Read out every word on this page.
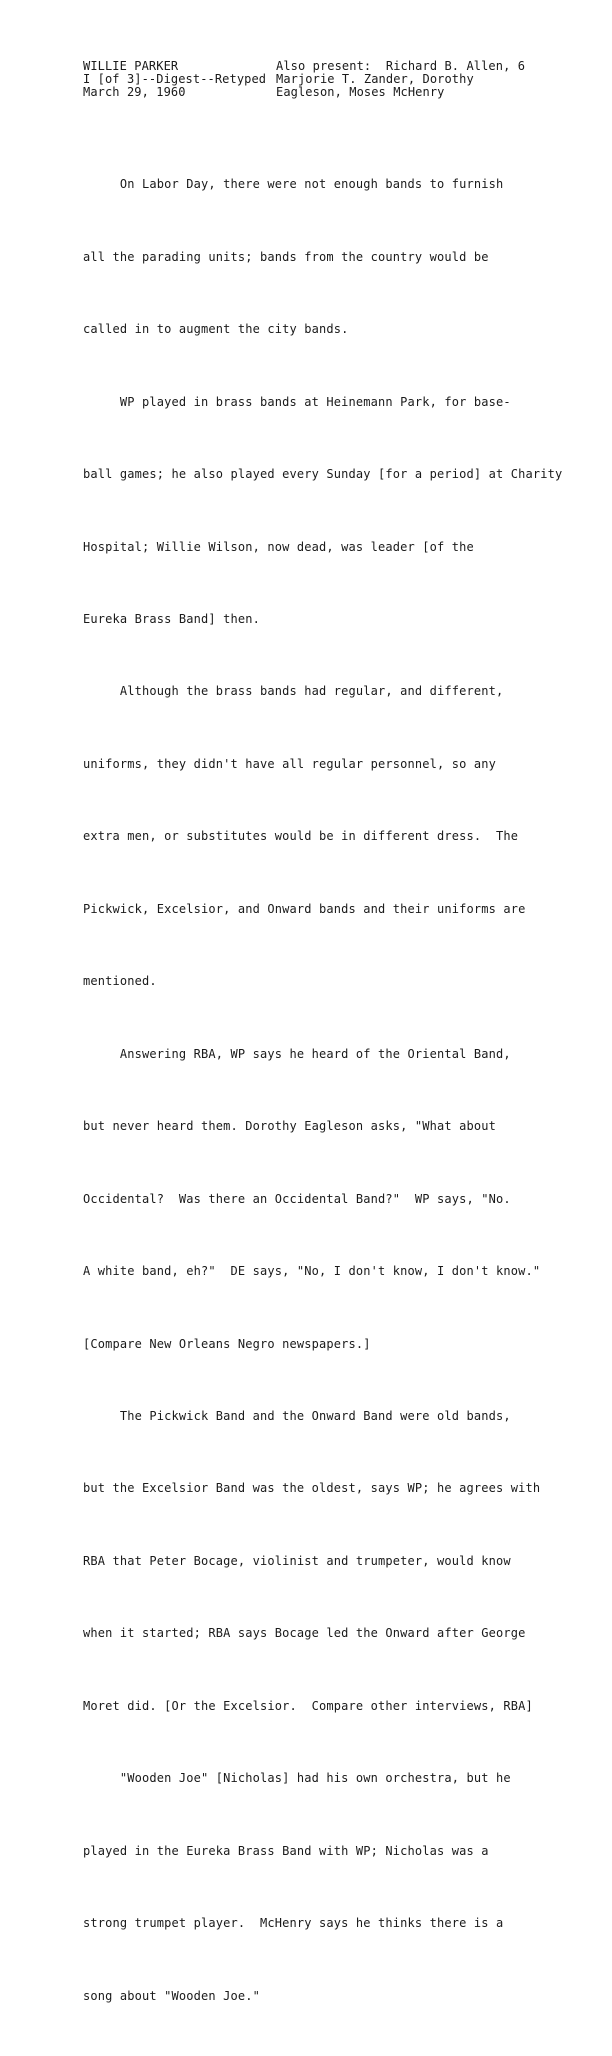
WILLIE PARKER
I [of 3]--Digest--Retyped
March 29, 1960
Also present:  Richard B. Allen, 6
Marjorie T. Zander, Dorothy
Eagleson, Moses McHenry

On Labor Day, there were not enough bands to furnish

all the parading units; bands from the country would be

called in to augment the city bands.

WP played in brass bands at Heinemann Park, for base-

ball games; he also played every Sunday [for a period] at Charity

Hospital; Willie Wilson, now dead, was leader [of the

Eureka Brass Band] then.

Although the brass bands had regular, and different,

uniforms, they didn't have all regular personnel, so any

extra men, or substitutes would be in different dress.  The

Pickwick, Excelsior, and Onward bands and their uniforms are

mentioned.

Answering RBA, WP says he heard of the Oriental Band,

but never heard them. Dorothy Eagleson asks, "What about

Occidental?  Was there an Occidental Band?"  WP says, "No.

A white band, eh?"  DE says, "No, I don't know, I don't know."

[Compare New Orleans Negro newspapers.]

The Pickwick Band and the Onward Band were old bands,

but the Excelsior Band was the oldest, says WP; he agrees with

RBA that Peter Bocage, violinist and trumpeter, would know

when it started; RBA says Bocage led the Onward after George

Moret did. [Or the Excelsior.  Compare other interviews, RBA]

"Wooden Joe" [Nicholas] had his own orchestra, but he

played in the Eureka Brass Band with WP; Nicholas was a

strong trumpet player.  McHenry says he thinks there is a

song about "Wooden Joe."
